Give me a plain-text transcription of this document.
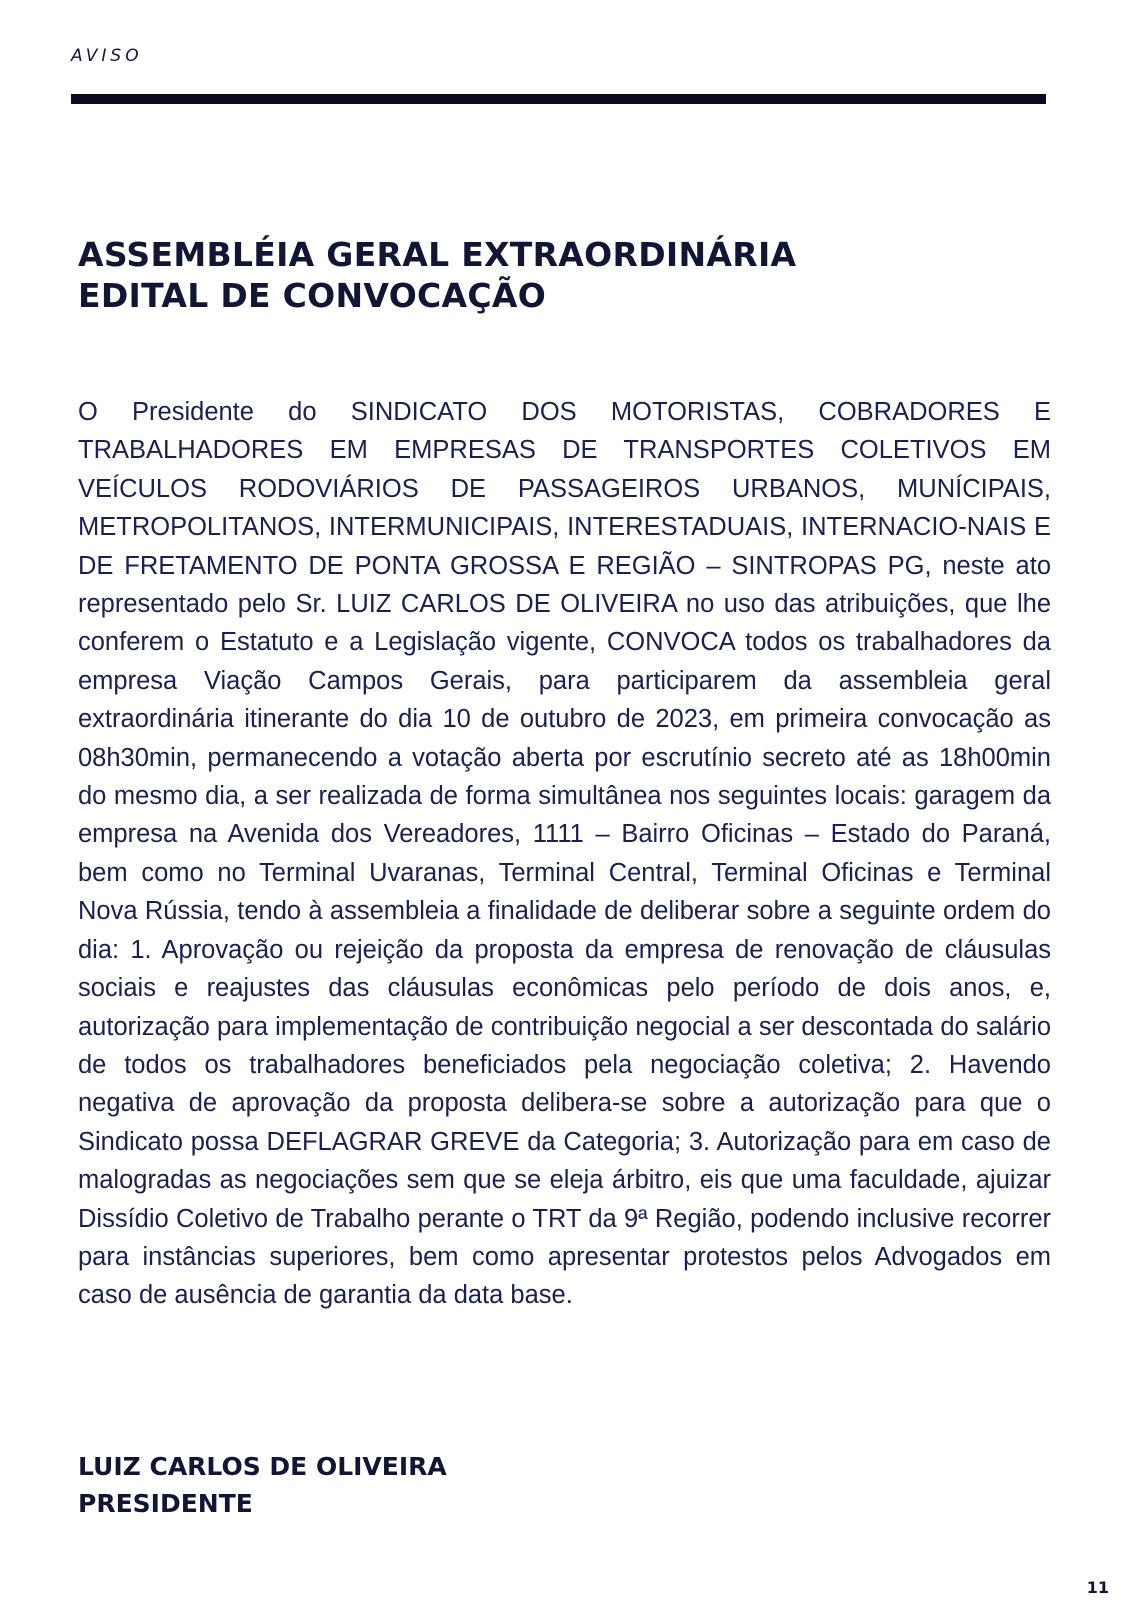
AVISO
ASSEMBLÉIA GERAL EXTRAORDINÁRIA
EDITAL DE CONVOCAÇÃO

O Presidente do SINDICATO DOS MOTORISTAS, COBRADORES E TRABALHADORES EM EMPRESAS DE TRANSPORTES COLETIVOS EM VEÍCULOS RODOVIÁRIOS DE PASSAGEIROS URBANOS, MUNÍCIPAIS, METROPOLITANOS, INTERMUNICIPAIS, INTERESTADUAIS, INTERNACIO-NAIS E DE FRETAMENTO DE PONTA GROSSA E REGIÃO – SINTROPAS PG, neste ato representado pelo Sr. LUIZ CARLOS DE OLIVEIRA no uso das atribuições, que lhe conferem o Estatuto e a Legislação vigente, CONVOCA todos os trabalhadores da empresa Viação Campos Gerais, para participarem da assembleia geral extraordinária itinerante do dia 10 de outubro de 2023, em primeira convocação as 08h30min, permanecendo a votação aberta por escrutínio secreto até as 18h00min do mesmo dia, a ser realizada de forma simultânea nos seguintes locais: garagem da empresa na Avenida dos Vereadores, 1111 – Bairro Oficinas – Estado do Paraná, bem como no Terminal Uvaranas, Terminal Central, Terminal Oficinas e Terminal Nova Rússia, tendo à assembleia a finalidade de deliberar sobre a seguinte ordem do dia: 1. Aprovação ou rejeição da proposta da empresa de renovação de cláusulas sociais e reajustes das cláusulas econômicas pelo período de dois anos, e, autorização para implementação de contribuição negocial a ser descontada do salário de todos os trabalhadores beneficiados pela negociação coletiva; 2. Havendo negativa de aprovação da proposta delibera-se sobre a autorização para que o Sindicato possa DEFLAGRAR GREVE da Categoria; 3. Autorização para em caso de malogradas as negociações sem que se eleja árbitro, eis que uma faculdade, ajuizar Dissídio Coletivo de Trabalho perante o TRT da 9ª Região, podendo inclusive recorrer para instâncias superiores, bem como apresentar protestos pelos Advogados em caso de ausência de garantia da data base.

LUIZ CARLOS DE OLIVEIRA
PRESIDENTE
11
